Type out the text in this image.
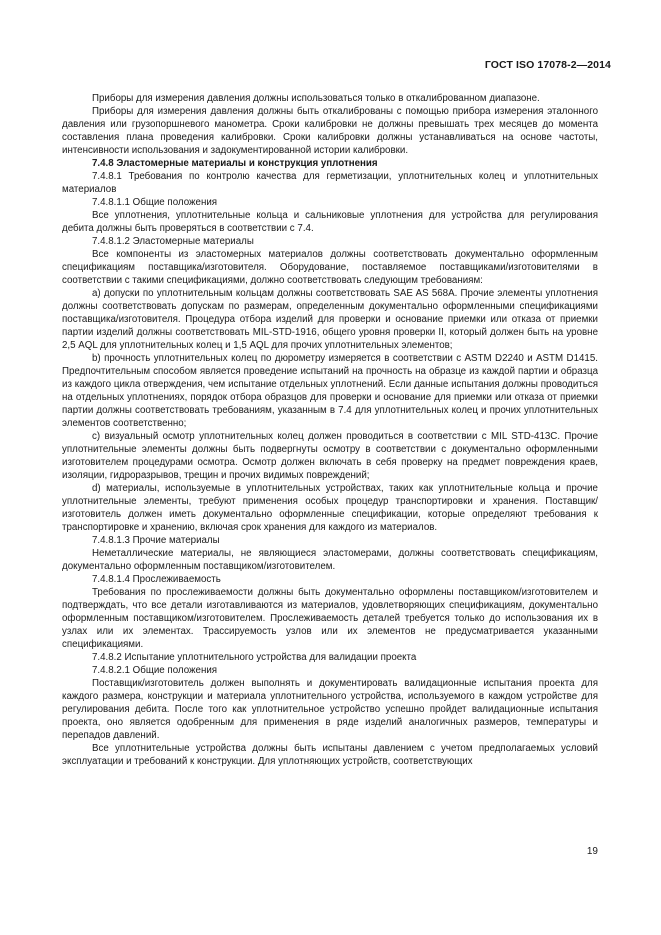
ГОСТ ISO 17078-2—2014

Приборы для измерения давления должны использоваться только в откалиброванном диапазоне.

Приборы для измерения давления должны быть откалиброваны с помощью прибора измерения эталонного давления или грузопоршневого манометра. Сроки калибровки не должны превышать трех месяцев до момента составления плана проведения калибровки. Сроки калибровки должны устанавливаться на основе частоты, интенсивности использования и задокументированной истории калибровки.

7.4.8 Эластомерные материалы и конструкция уплотнения

7.4.8.1 Требования по контролю качества для герметизации, уплотнительных колец и уплотнительных материалов

7.4.8.1.1 Общие положения

Все уплотнения, уплотнительные кольца и сальниковые уплотнения для устройства для регулирования дебита должны быть проверяться в соответствии с 7.4.

7.4.8.1.2 Эластомерные материалы

Все компоненты из эластомерных материалов должны соответствовать документально оформленным спецификациям поставщика/изготовителя. Оборудование, поставляемое поставщиками/изготовителями в соответствии с такими спецификациями, должно соответствовать следующим требованиям:

a) допуски по уплотнительным кольцам должны соответствовать SAE AS 568A. Прочие элементы уплотнения должны соответствовать допускам по размерам, определенным документально оформленными спецификациями поставщика/изготовителя. Процедура отбора изделий для проверки и основание приемки или отказа от приемки партии изделий должны соответствовать MIL-STD-1916, общего уровня проверки II, который должен быть на уровне 2,5 AQL для уплотнительных колец и 1,5 AQL для прочих уплотнительных элементов;

b) прочность уплотнительных колец по дюрометру измеряется в соответствии с ASTM D2240 и ASTM D1415. Предпочтительным способом является проведение испытаний на прочность на образце из каждой партии и образца из каждого цикла отверждения, чем испытание отдельных уплотнений. Если данные испытания должны проводиться на отдельных уплотнениях, порядок отбора образцов для проверки и основание для приемки или отказа от приемки партии должны соответствовать требованиям, указанным в 7.4 для уплотнительных колец и прочих уплотнительных элементов соответственно;

c) визуальный осмотр уплотнительных колец должен проводиться в соответствии с MIL STD-413C. Прочие уплотнительные элементы должны быть подвергнуты осмотру в соответствии с документально оформленными изготовителем процедурами осмотра. Осмотр должен включать в себя проверку на предмет повреждения краев, изоляции, гидроразрывов, трещин и прочих видимых повреждений;

d) материалы, используемые в уплотнительных устройствах, таких как уплотнительные кольца и прочие уплотнительные элементы, требуют применения особых процедур транспортировки и хранения. Поставщик/изготовитель должен иметь документально оформленные спецификации, которые определяют требования к транспортировке и хранению, включая срок хранения для каждого из материалов.

7.4.8.1.3 Прочие материалы

Неметаллические материалы, не являющиеся эластомерами, должны соответствовать спецификациям, документально оформленным поставщиком/изготовителем.

7.4.8.1.4 Прослеживаемость

Требования по прослеживаемости должны быть документально оформлены поставщиком/изготовителем и подтверждать, что все детали изготавливаются из материалов, удовлетворяющих спецификациям, документально оформленным поставщиком/изготовителем. Прослеживаемость деталей требуется только до использования их в узлах или их элементах. Трассируемость узлов или их элементов не предусматривается указанными спецификациями.

7.4.8.2 Испытание уплотнительного устройства для валидации проекта

7.4.8.2.1 Общие положения

Поставщик/изготовитель должен выполнять и документировать валидационные испытания проекта для каждого размера, конструкции и материала уплотнительного устройства, используемого в каждом устройстве для регулирования дебита. После того как уплотнительное устройство успешно пройдет валидационные испытания проекта, оно является одобренным для применения в ряде изделий аналогичных размеров, температуры и перепадов давлений.

Все уплотнительные устройства должны быть испытаны давлением с учетом предполагаемых условий эксплуатации и требований к конструкции. Для уплотняющих устройств, соответствующих

19
